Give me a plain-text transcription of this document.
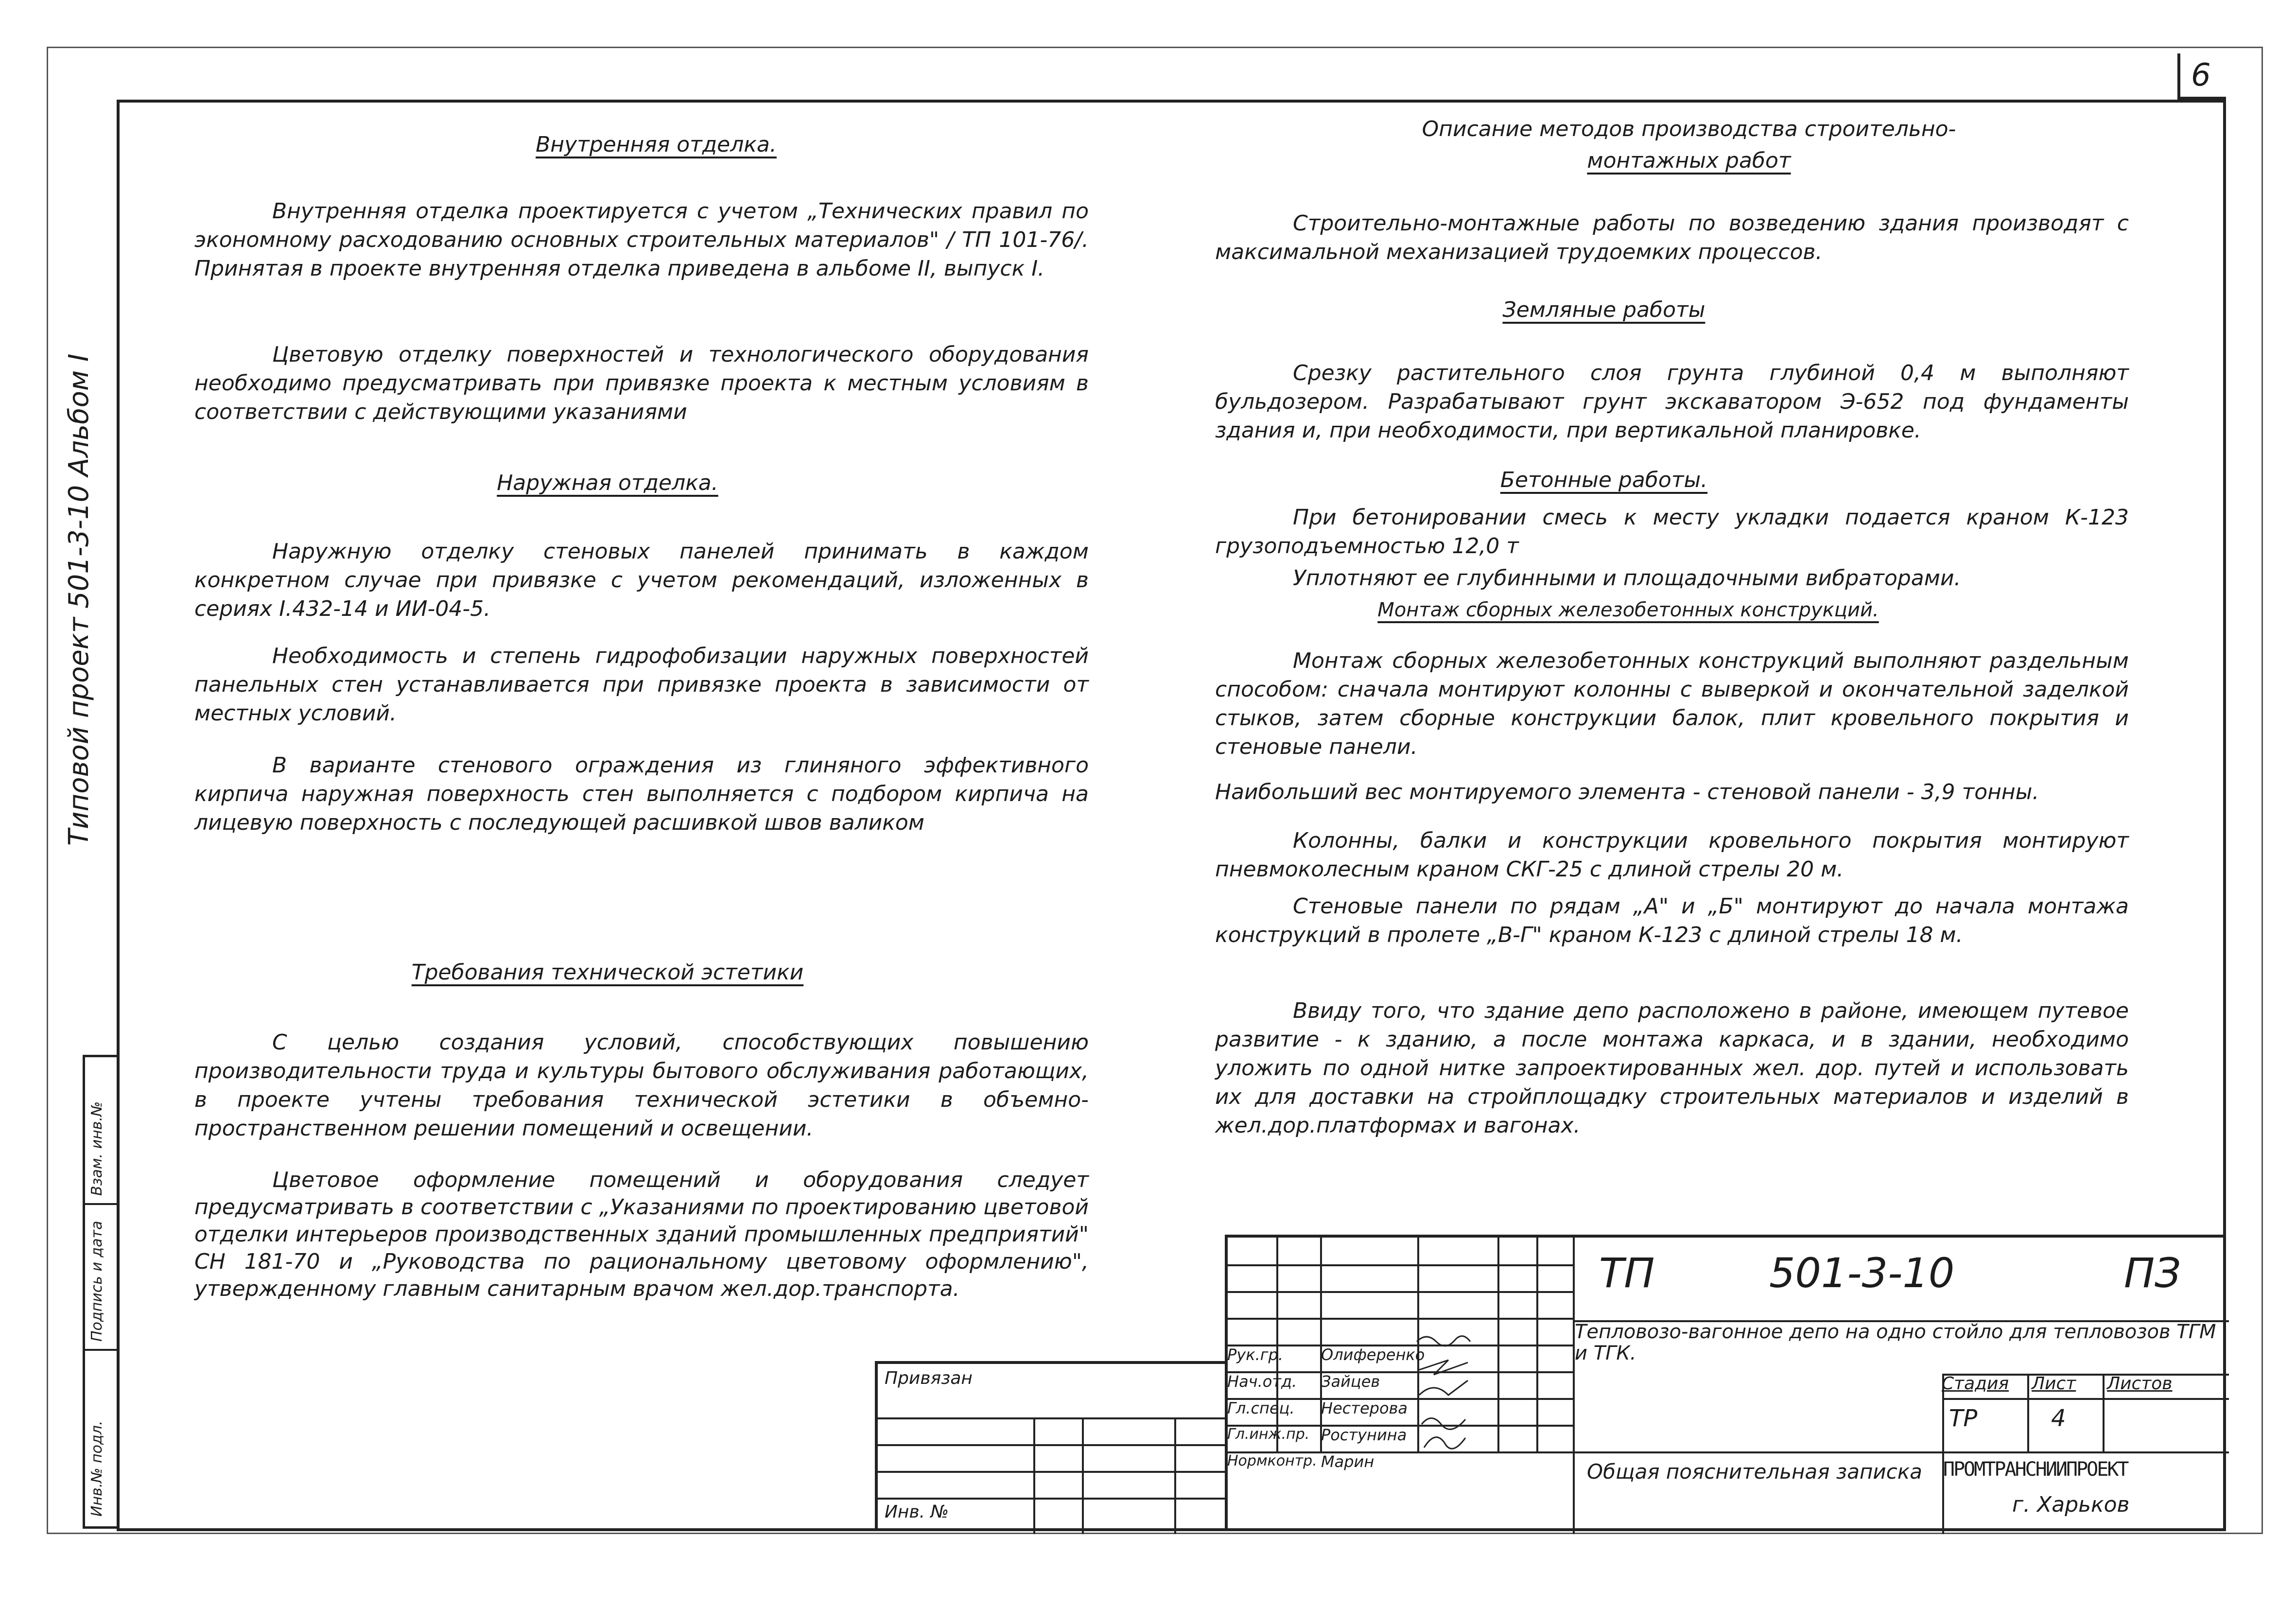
6
Типовой проект 501-3-10 Альбом I
Взам. инв.№
Подпись и дата
Инв.№ подл.
Внутренняя отделка.

Внутренняя отделка проектируется с учетом „Технических правил по экономному расходованию основных строительных материалов" / ТП 101-76/. Принятая в проекте внутренняя отделка приведена в альбоме II, выпуск I.

Цветовую отделку поверхностей и технологического оборудования необходимо предусматривать при привязке проекта к местным условиям в соответствии с действующими указаниями

Наружная отделка.

Наружную отделку стеновых панелей принимать в каждом конкретном случае при привязке с учетом рекомендаций, изложенных в сериях I.432-14 и ИИ-04-5.

Необходимость и степень гидрофобизации наружных поверхностей панельных стен устанавливается при привязке проекта в зависимости от местных условий.

В варианте стенового ограждения из глиняного эффективного кирпича наружная поверхность стен выполняется с подбором кирпича на лицевую поверхность с последующей расшивкой швов валиком

Требования технической эстетики

С целью создания условий, способствующих повышению производительности труда и культуры бытового обслуживания работающих, в проекте учтены требования технической эстетики в объемно-пространственном решении помещений и освещении.

Цветовое оформление помещений и оборудования следует предусматривать в соответствии с „Указаниями по проектированию цветовой отделки интерьеров производственных зданий промышленных предприятий" СН 181-70 и „Руководства по рациональному цветовому оформлению", утвержденному главным санитарным врачом жел.дор.транспорта.

Описание методов производства строительно-
монтажных работ

Строительно-монтажные работы по возведению здания производят с максимальной механизацией трудоемких процессов.

Земляные работы

Срезку растительного слоя грунта глубиной 0,4 м выполняют бульдозером. Разрабатывают грунт экскаватором Э-652 под фундаменты здания и, при необходимости, при вертикальной планировке.

Бетонные работы.

При бетонировании смесь к месту укладки подается краном К-123 грузоподъемностью 12,0 т

Уплотняют ее глубинными и площадочными вибраторами.

Монтаж сборных железобетонных конструкций.

Монтаж сборных железобетонных конструкций выполняют раздельным способом: сначала монтируют колонны с выверкой и окончательной заделкой стыков, затем сборные конструкции балок, плит кровельного покрытия и стеновые панели.

Наибольший вес монтируемого элемента - стеновой панели - 3,9 тонны.

Колонны, балки и конструкции кровельного покрытия монтируют пневмоколесным краном СКГ-25 с длиной стрелы 20 м.

Стеновые панели по рядам „А" и „Б" монтируют до начала монтажа конструкций в пролете „В-Г" краном К-123 с длиной стрелы 18 м.

Ввиду того, что здание депо расположено в районе, имеющем путевое развитие - к зданию, а после монтажа каркаса, и в здании, необходимо уложить по одной нитке запроектированных жел. дор. путей и использовать их для доставки на стройплощадку строительных материалов и изделий в жел.дор.платформах и вагонах.

Привязан
Инв. №
ТП	501-3-10	ПЗ
Рук.гр. Олиференко
Нач.отд. Зайцев
Гл.спец. Нестерова
Гл.инж.пр. Ростунина
Нормконтр. Марин
Тепловозо-вагонное депо на одно стойло для тепловозов ТГМ и ТГК.
Стадия Лист Листов
ТР	4
Общая пояснительная записка	ПРОМТРАНСНИИПРОЕКТ
г. Харьков
